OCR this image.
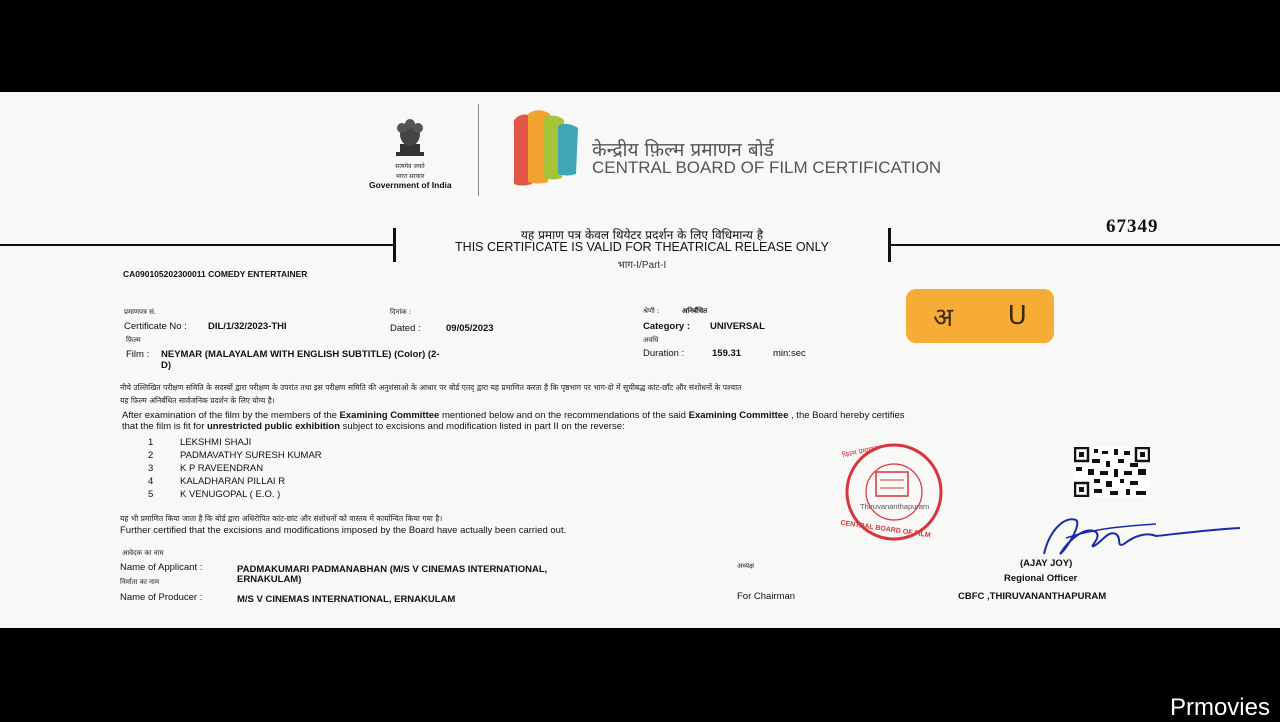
सत्यमेव जयते
भारत सरकार
Government of India
केन्द्रीय फ़िल्म प्रमाणन बोर्ड
CENTRAL BOARD OF FILM CERTIFICATION
यह प्रमाण पत्र केवल थियेटर प्रदर्शन के लिए विधिमान्य है
THIS CERTIFICATE IS VALID FOR THEATRICAL RELEASE ONLY
भाग-I/Part-I
67349
CA090105202300011 COMEDY ENTERTAINER
प्रमाणपत्र सं.
Certificate No : DIL/1/32/2023-THI
दिनांक :
Dated :	09/05/2023
श्रेणी :	अनिर्बंधित
Category : UNIVERSAL	अ U
फ़िल्म
Film : NEYMAR (MALAYALAM WITH ENGLISH SUBTITLE) (Color) (2-
D)
अवधि
Duration :	159.31	min:sec
नीचे उल्लिखित परीक्षण समिति के सदस्यों द्वारा परीक्षण के उपरांत तथा इस परीक्षण समिति की अनुशंसाओ के आधार पर बोर्ड एतद् द्वारा यह प्रमाणित करता है कि पृष्ठभाग पर भाग-दो में सूचीबद्ध कांट-छाँट और संशोधनों के पश्चात
यह फ़िल्म अनिर्बंधित सार्वजनिक प्रदर्शन के लिए योग्य है।
After examination of the film by the members of the Examining Committee mentioned below and on the recommendations of the said Examining Committee , the Board hereby certifies
that the film is fit for unrestricted public exhibition subject to excisions and modification listed in part II on the reverse:
1	LEKSHMI SHAJI
2	PADMAVATHY SURESH KUMAR
3	K P RAVEENDRAN
4	KALADHARAN PILLAI R
5	K VENUGOPAL ( E.O. )
फ़िल्म प्रमाणन
CENTRAL BOARD OF FILM
Thiruvananthapuram
यह भी प्रमाणित किया जाता है कि बोर्ड द्वारा अधिरोपित कांट-छांट और संशोधनों को वास्तव में कार्यान्वित किया गया है।
Further certified that the excisions and modifications imposed by the Board have actually been carried out.
आवेदक का नाम
Name of Applicant :	PADMAKUMARI PADMANABHAN (M/S V CINEMAS INTERNATIONAL,
ERNAKULAM)
निर्माता का नाम
Name of Producer :	M/S V CINEMAS INTERNATIONAL, ERNAKULAM
अध्यक्ष
For Chairman
(AJAY JOY)
Regional Officer
CBFC ,THIRUVANANTHAPURAM
Prmovies
